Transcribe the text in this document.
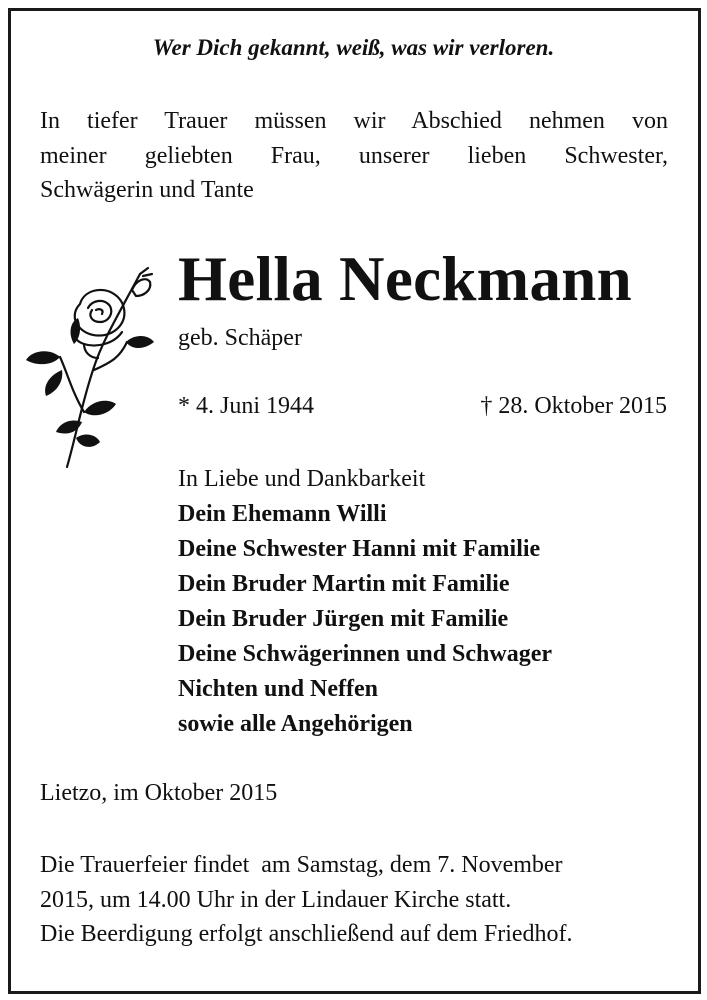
Wer Dich gekannt, weiß, was wir verloren.
In tiefer Trauer müssen wir Abschied nehmen von
meiner geliebten Frau, unserer lieben Schwester,
Schwägerin und Tante
Hella Neckmann
geb. Schäper
* 4. Juni 1944	† 28. Oktober 2015
In Liebe und Dankbarkeit
Dein Ehemann Willi
Deine Schwester Hanni mit Familie
Dein Bruder Martin mit Familie
Dein Bruder Jürgen mit Familie
Deine Schwägerinnen und Schwager
Nichten und Neffen
sowie alle Angehörigen
Lietzo, im Oktober 2015
Die Trauerfeier findet  am Samstag, dem 7. November
2015, um 14.00 Uhr in der Lindauer Kirche statt.
Die Beerdigung erfolgt anschließend auf dem Friedhof.
